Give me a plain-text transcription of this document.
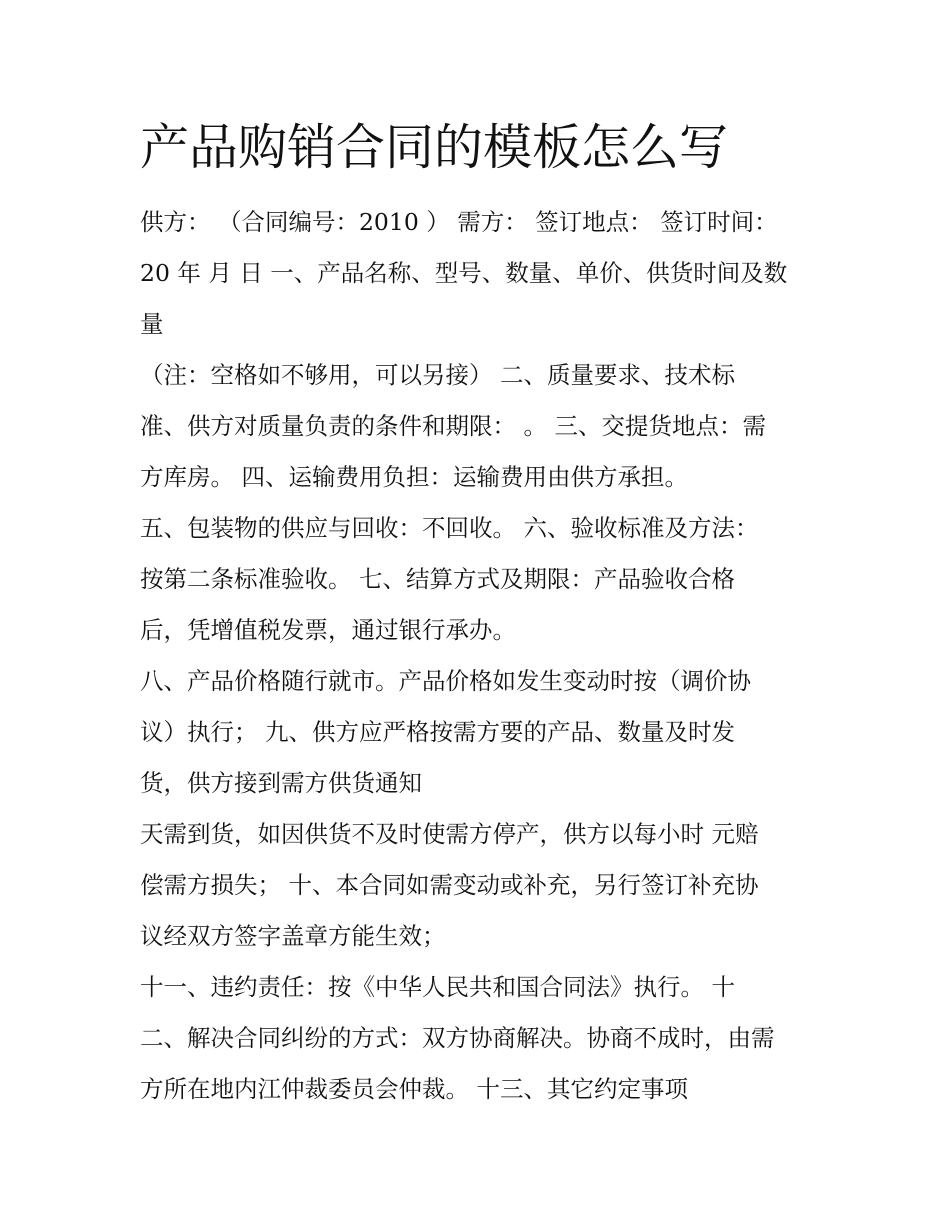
产品购销合同的模板怎么写

供方： （合同编号：2010 ） 需方： 签订地点： 签订时间：

20 年 月 日 一、产品名称、型号、数量、单价、供货时间及数

量

（注：空格如不够用，可以另接） 二、质量要求、技术标

准、供方对质量负责的条件和期限： 。 三、交提货地点：需

方库房。 四、运输费用负担：运输费用由供方承担。

五、包装物的供应与回收：不回收。 六、验收标准及方法：

按第二条标准验收。 七、结算方式及期限：产品验收合格

后，凭增值税发票，通过银行承办。

八、产品价格随行就市。产品价格如发生变动时按（调价协

议）执行； 九、供方应严格按需方要的产品、数量及时发

货，供方接到需方供货通知

天需到货，如因供货不及时使需方停产，供方以每小时 元赔

偿需方损失； 十、本合同如需变动或补充，另行签订补充协

议经双方签字盖章方能生效；

十一、违约责任：按《中华人民共和国合同法》执行。 十

二、解决合同纠纷的方式：双方协商解决。协商不成时，由需

方所在地内江仲裁委员会仲裁。 十三、其它约定事项
